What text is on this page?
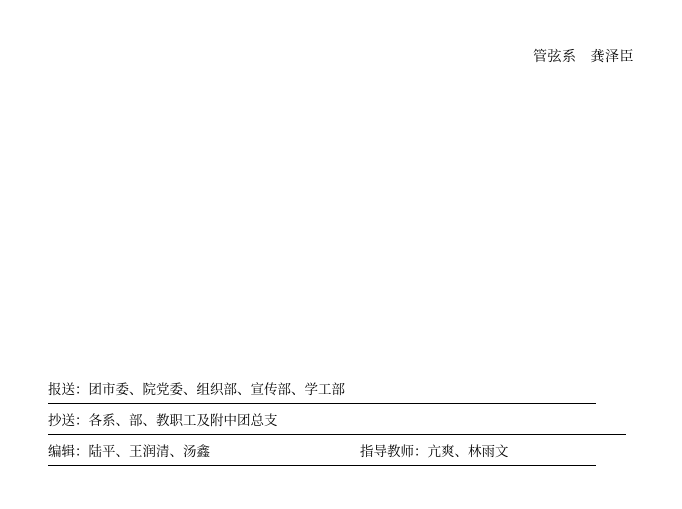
管弦系 龚泽臣
报送：团市委、院党委、组织部、宣传部、学工部
抄送：各系、部、教职工及附中团总支
编辑：陆平、王润清、汤鑫	指导教师：亢爽、林雨文
